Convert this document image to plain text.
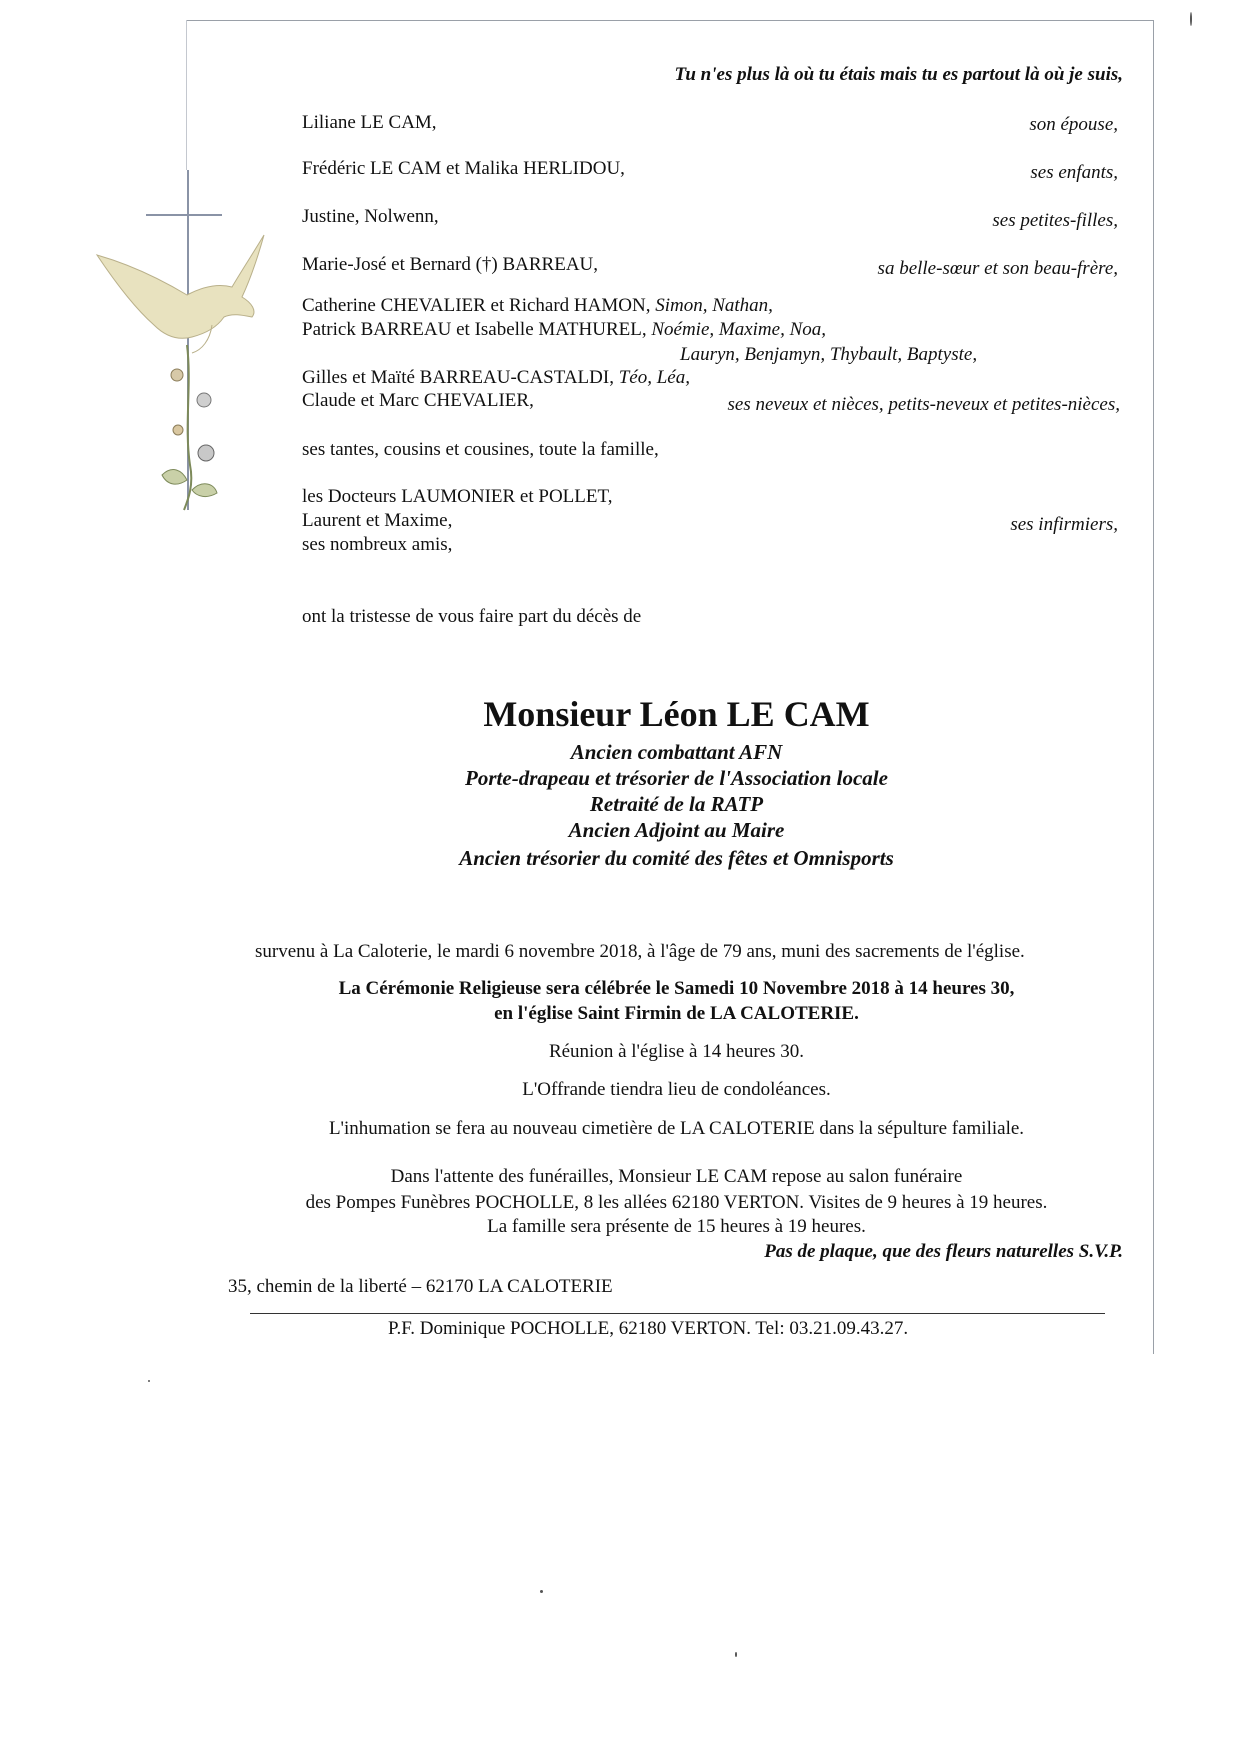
Tu n'es plus là où tu étais mais tu es partout là où je suis,
Liliane LE CAM,	son épouse,
Frédéric LE CAM et Malika HERLIDOU,	ses enfants,
Justine, Nolwenn,	ses petites-filles,
Marie-José et Bernard (†) BARREAU,	sa belle-sœur et son beau-frère,
Catherine CHEVALIER et Richard HAMON, Simon, Nathan,
Patrick BARREAU et Isabelle MATHUREL, Noémie, Maxime, Noa,
Lauryn, Benjamyn, Thybault, Baptyste,
Gilles et Maïté BARREAU-CASTALDI, Téo, Léa,
Claude et Marc CHEVALIER,	ses neveux et nièces, petits-neveux et petites-nièces,
ses tantes, cousins et cousines, toute la famille,
les Docteurs LAUMONIER et POLLET,
Laurent et Maxime,	ses infirmiers,
ses nombreux amis,
ont la tristesse de vous faire part du décès de
Monsieur Léon LE CAM
Ancien combattant AFN
Porte-drapeau et trésorier de l'Association locale
Retraité de la RATP
Ancien Adjoint au Maire
Ancien trésorier du comité des fêtes et Omnisports
survenu à La Caloterie, le mardi 6 novembre 2018, à l'âge de 79 ans, muni des sacrements de l'église.
La Cérémonie Religieuse sera célébrée le Samedi 10 Novembre 2018 à 14 heures 30,
en l'église Saint Firmin de LA CALOTERIE.
Réunion à l'église à 14 heures 30.
L'Offrande tiendra lieu de condoléances.
L'inhumation se fera au nouveau cimetière de LA CALOTERIE dans la sépulture familiale.
Dans l'attente des funérailles, Monsieur LE CAM repose au salon funéraire
des Pompes Funèbres POCHOLLE, 8 les allées 62180 VERTON. Visites de 9 heures à 19 heures.
La famille sera présente de 15 heures à 19 heures.
Pas de plaque, que des fleurs naturelles S.V.P.
35, chemin de la liberté – 62170 LA CALOTERIE
P.F. Dominique POCHOLLE, 62180 VERTON. Tel: 03.21.09.43.27.
